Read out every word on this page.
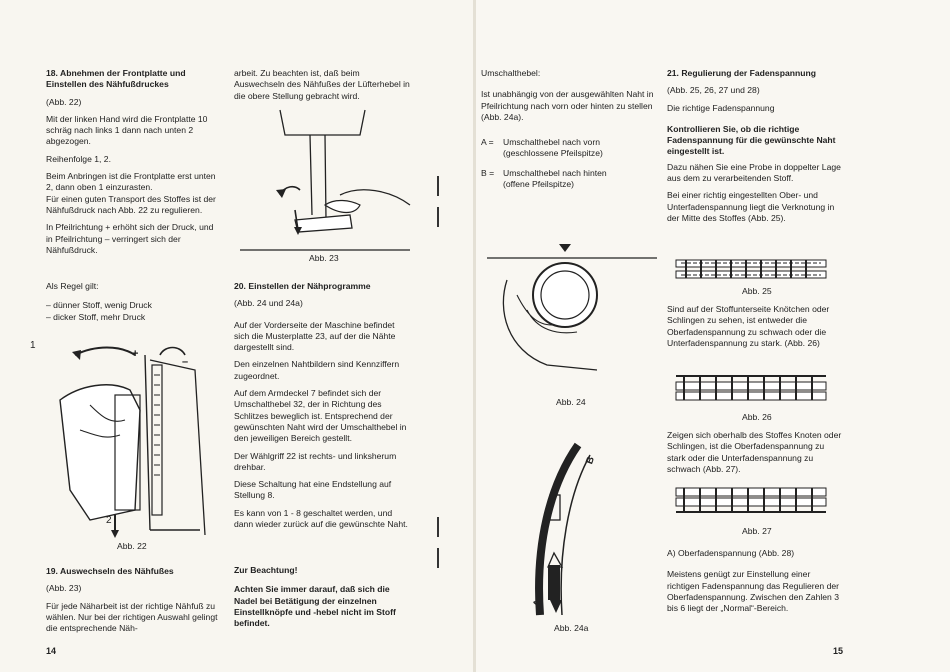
18. Abnehmen der Frontplatte und Einstellen des Nähfußdruckes

(Abb. 22)

Mit der linken Hand wird die Frontplatte 10 schräg nach links 1 dann nach unten 2 abgezogen.

Reihenfolge 1, 2.

Beim Anbringen ist die Frontplatte erst unten 2, dann oben 1 einzurasten.

Für einen guten Transport des Stoffes ist der Nähfußdruck nach Abb. 22 zu regulieren.

In Pfeilrichtung + erhöht sich der Druck, und in Pfeilrichtung – verringert sich der Nähfußdruck.

Als Regel gilt:

– dünner Stoff, wenig Druck
– dicker Stoff, mehr Druck
1
+
–
2
Abb. 22

19. Auswechseln des Nähfußes

(Abb. 23)

Für jede Näharbeit ist der richtige Nähfuß zu wählen. Nur bei der richtigen Auswahl gelingt die entsprechende Näh-

14

arbeit. Zu beachten ist, daß beim Auswechseln des Nähfußes der Lüfterhebel in die obere Stellung gebracht wird.

Abb. 23

20. Einstellen der Nähprogramme

(Abb. 24 und 24a)

Auf der Vorderseite der Maschine befindet sich die Musterplatte 23, auf der die Nähte dargestellt sind.

Den einzelnen Nahtbildern sind Kennziffern zugeordnet.

Auf dem Armdeckel 7 befindet sich der Umschalthebel 32, der in Richtung des Schlitzes beweglich ist. Entsprechend der gewünschten Naht wird der Umschalthebel in den jeweiligen Bereich gestellt.

Der Wählgriff 22 ist rechts- und linksherum drehbar.

Diese Schaltung hat eine Endstellung auf Stellung 8.

Es kann von 1 - 8 geschaltet werden, und dann wieder zurück auf die gewünschte Naht.

Zur Beachtung!

Achten Sie immer darauf, daß sich die Nadel bei Betätigung der einzelnen Einstellknöpfe und -hebel nicht im Stoff befindet.

Umschalthebel:

Ist unabhängig von der ausgewählten Naht in Pfeilrichtung nach vorn oder hinten zu stellen (Abb. 24a).

A =	Umschalthebel nach vorn
(geschlossene Pfeilspitze)
B =	Umschalthebel nach hinten
(offene Pfeilspitze)
Abb. 24
B
A
Abb. 24a

21. Regulierung der Fadenspannung

(Abb. 25, 26, 27 und 28)

Die richtige Fadenspannung

Kontrollieren Sie, ob die richtige Fadenspannung für die gewünschte Naht eingestellt ist.

Dazu nähen Sie eine Probe in doppelter Lage aus dem zu verarbeitenden Stoff.

Bei einer richtig eingestellten Ober- und Unterfadenspannung liegt die Verknotung in der Mitte des Stoffes (Abb. 25).

Abb. 25

Sind auf der Stoffunterseite Knötchen oder Schlingen zu sehen, ist entweder die Oberfadenspannung zu schwach oder die Unterfadenspannung zu stark. (Abb. 26)

Abb. 26

Zeigen sich oberhalb des Stoffes Knoten oder Schlingen, ist die Oberfadenspannung zu stark oder die Unterfadenspannung zu schwach (Abb. 27).

Abb. 27

A) Oberfadenspannung (Abb. 28)

Meistens genügt zur Einstellung einer richtigen Fadenspannung das Regulieren der Oberfadenspannung. Zwischen den Zahlen 3 bis 6 liegt der „Normal“-Bereich.

15
